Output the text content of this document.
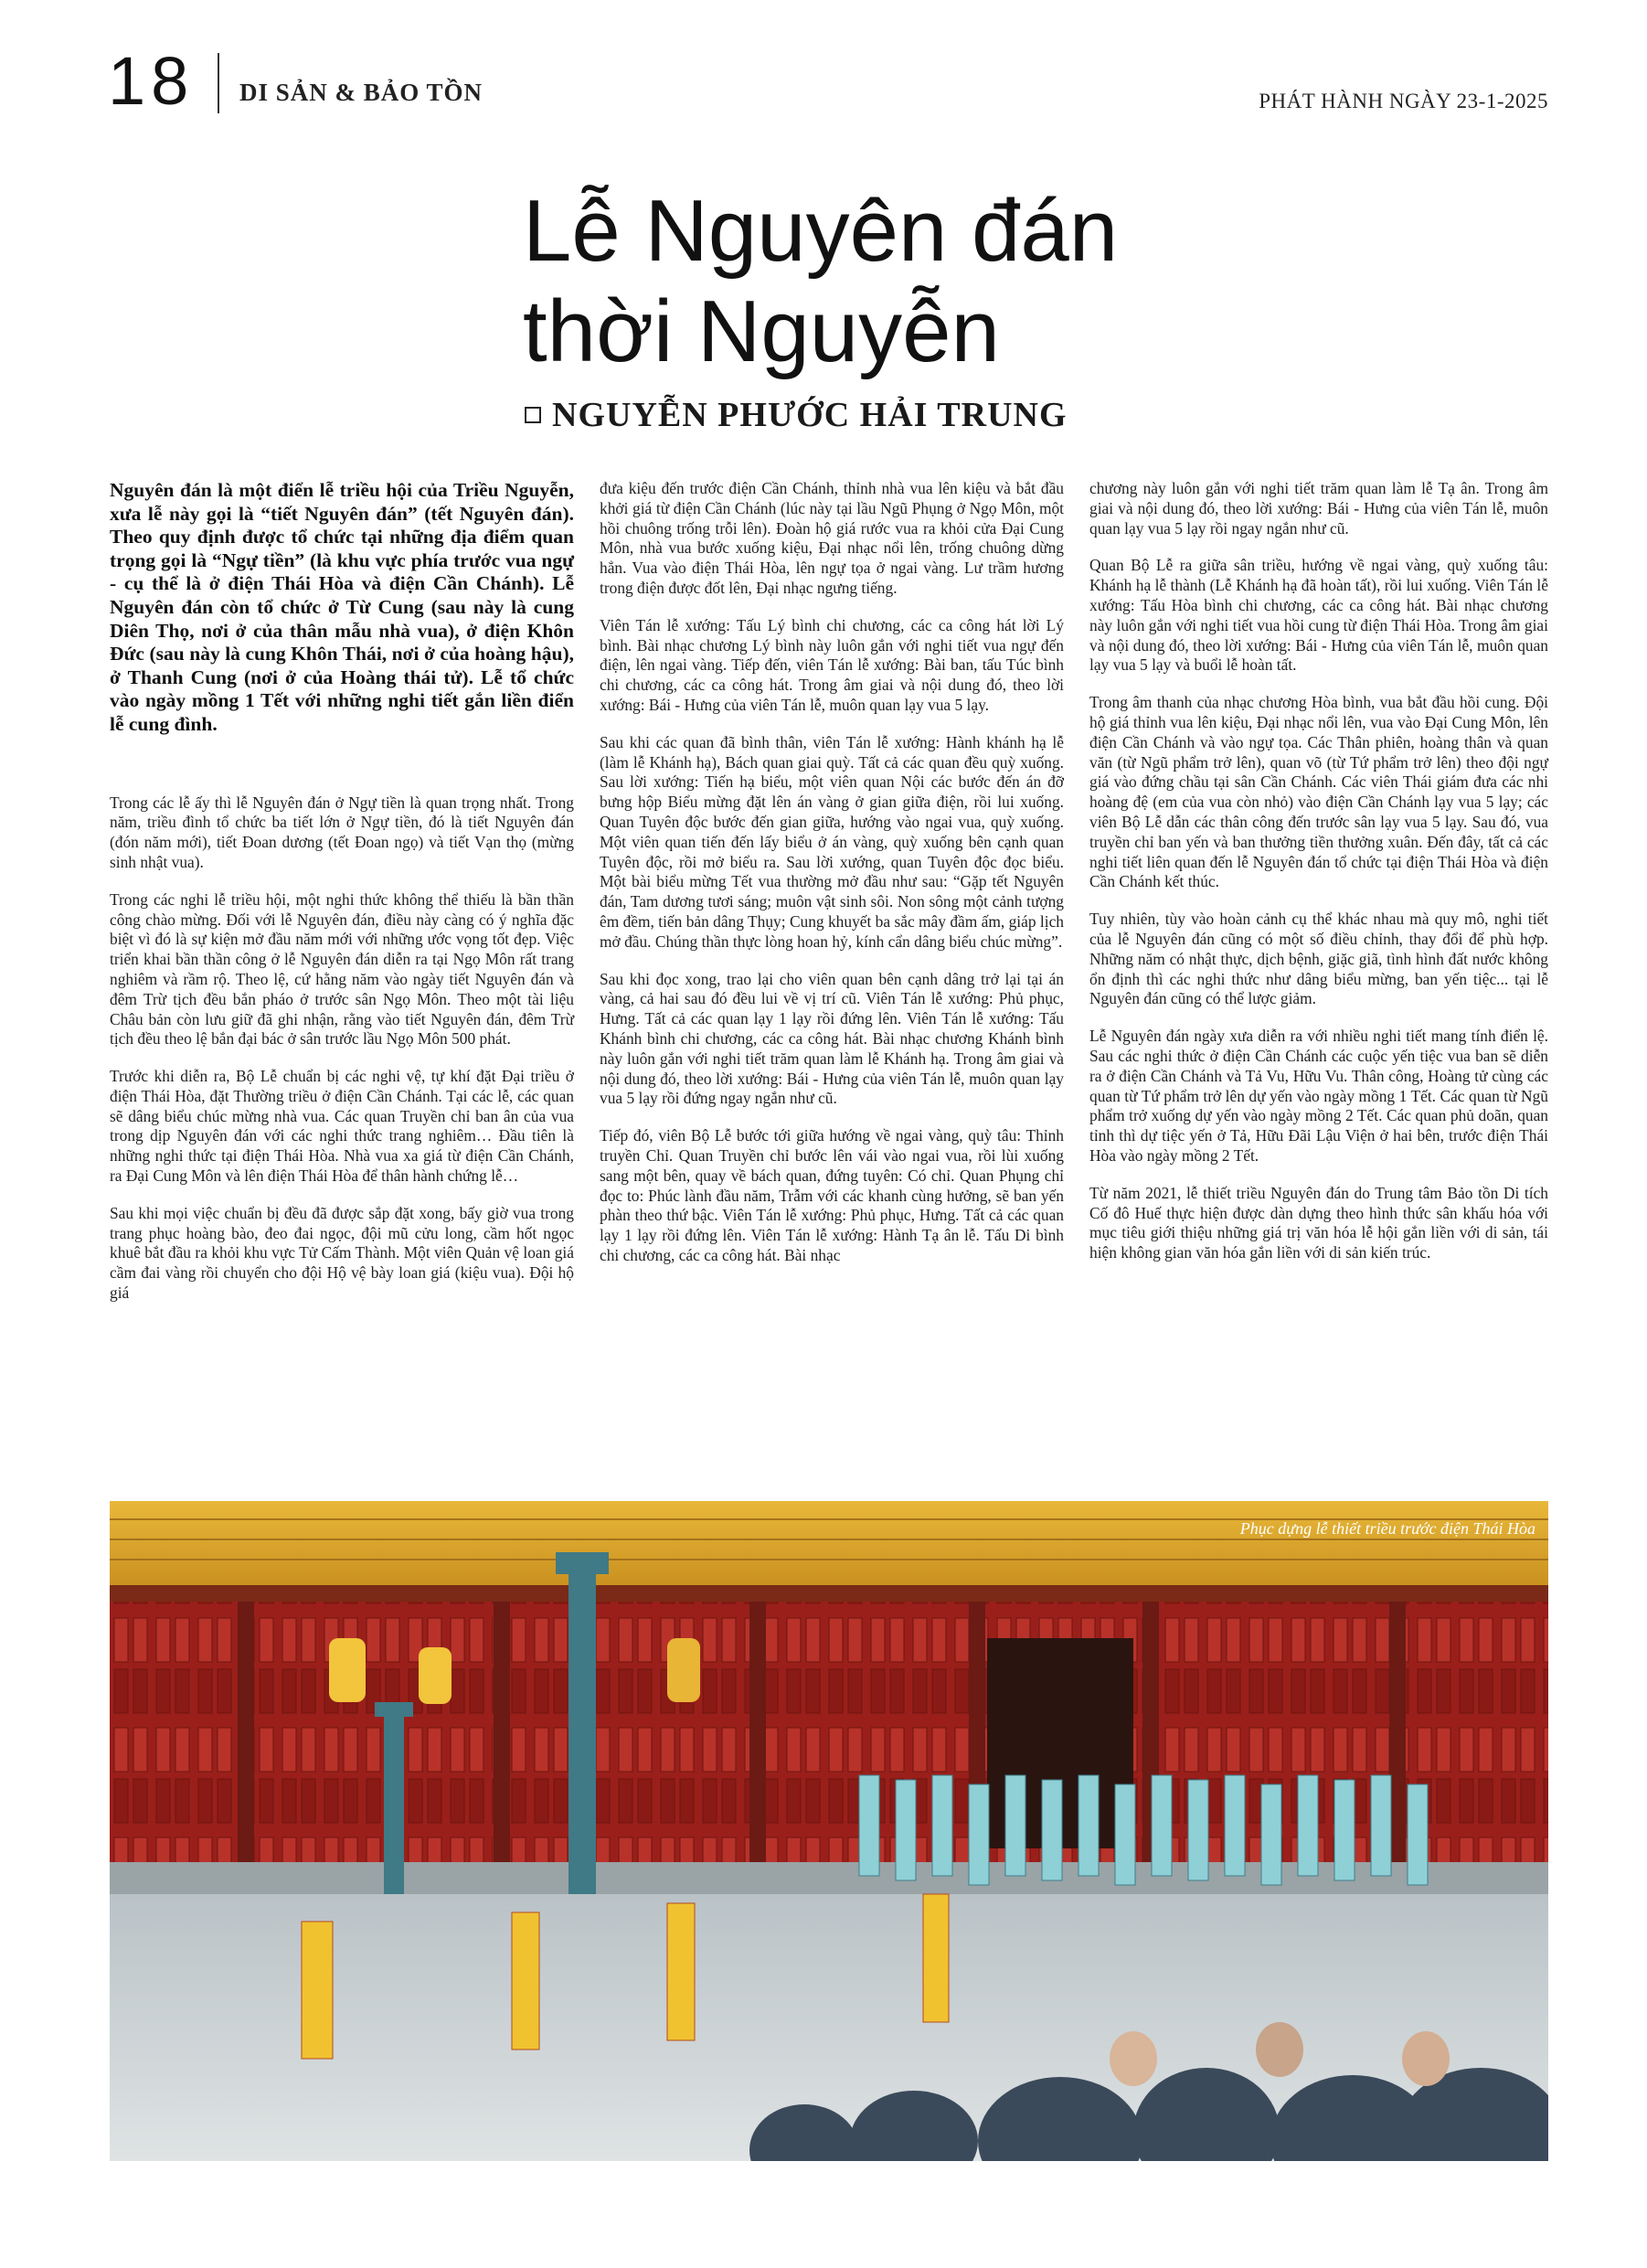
18 DI SẢN & BẢO TỒN	PHÁT HÀNH NGÀY 23-1-2025
Lễ Nguyên đán
thời Nguyễn
NGUYỄN PHƯỚC HẢI TRUNG

Nguyên đán là một điển lễ triều hội của Triều Nguyễn, xưa lễ này gọi là “tiết Nguyên đán” (tết Nguyên đán). Theo quy định được tổ chức tại những địa điểm quan trọng gọi là “Ngự tiền” (là khu vực phía trước vua ngự - cụ thể là ở điện Thái Hòa và điện Cần Chánh). Lễ Nguyên đán còn tổ chức ở Từ Cung (sau này là cung Diên Thọ, nơi ở của thân mẫu nhà vua), ở điện Khôn Đức (sau này là cung Khôn Thái, nơi ở của hoàng hậu), ở Thanh Cung (nơi ở của Hoàng thái tử). Lễ tổ chức vào ngày mồng 1 Tết với những nghi tiết gắn liền điển lễ cung đình.

Trong các lễ ấy thì lễ Nguyên đán ở Ngự tiền là quan trọng nhất. Trong năm, triều đình tổ chức ba tiết lớn ở Ngự tiền, đó là tiết Nguyên đán (đón năm mới), tiết Đoan dương (tết Đoan ngọ) và tiết Vạn thọ (mừng sinh nhật vua).

Trong các nghi lễ triều hội, một nghi thức không thể thiếu là bần thần công chào mừng. Đối với lễ Nguyên đán, điều này càng có ý nghĩa đặc biệt vì đó là sự kiện mở đầu năm mới với những ước vọng tốt đẹp. Việc triển khai bần thần công ở lễ Nguyên đán diễn ra tại Ngọ Môn rất trang nghiêm và rầm rộ. Theo lệ, cứ hằng năm vào ngày tiết Nguyên đán và đêm Trừ tịch đều bắn pháo ở trước sân Ngọ Môn. Theo một tài liệu Châu bản còn lưu giữ đã ghi nhận, rằng vào tiết Nguyên đán, đêm Trừ tịch đều theo lệ bắn đại bác ở sân trước lầu Ngọ Môn 500 phát.

Trước khi diễn ra, Bộ Lễ chuẩn bị các nghi vệ, tự khí đặt Đại triều ở điện Thái Hòa, đặt Thường triều ở điện Cần Chánh. Tại các lễ, các quan sẽ dâng biểu chúc mừng nhà vua. Các quan Truyền chỉ ban ân của vua trong dịp Nguyên đán với các nghi thức trang nghiêm… Đầu tiên là những nghi thức tại điện Thái Hòa. Nhà vua xa giá từ điện Cần Chánh, ra Đại Cung Môn và lên điện Thái Hòa để thân hành chứng lễ…

Sau khi mọi việc chuẩn bị đều đã được sắp đặt xong, bấy giờ vua trong trang phục hoàng bào, đeo đai ngọc, đội mũ cửu long, cầm hốt ngọc khuê bắt đầu ra khỏi khu vực Tử Cấm Thành. Một viên Quản vệ loan giá cầm đai vàng rồi chuyển cho đội Hộ vệ bày loan giá (kiệu vua). Đội hộ giá

đưa kiệu đến trước điện Cần Chánh, thỉnh nhà vua lên kiệu và bắt đầu khởi giá từ điện Cần Chánh (lúc này tại lầu Ngũ Phụng ở Ngọ Môn, một hồi chuông trống trỗi lên). Đoàn hộ giá rước vua ra khỏi cửa Đại Cung Môn, nhà vua bước xuống kiệu, Đại nhạc nổi lên, trống chuông dừng hẳn. Vua vào điện Thái Hòa, lên ngự tọa ở ngai vàng. Lư trầm hương trong điện được đốt lên, Đại nhạc ngưng tiếng.

Viên Tán lễ xướng: Tấu Lý bình chi chương, các ca công hát lời Lý bình. Bài nhạc chương Lý bình này luôn gắn với nghi tiết vua ngự đến điện, lên ngai vàng. Tiếp đến, viên Tán lễ xướng: Bài ban, tấu Túc bình chi chương, các ca công hát. Trong âm giai và nội dung đó, theo lời xướng: Bái - Hưng của viên Tán lễ, muôn quan lạy vua 5 lạy.

Sau khi các quan đã bình thân, viên Tán lễ xướng: Hành khánh hạ lễ (làm lễ Khánh hạ), Bách quan giai quỳ. Tất cả các quan đều quỳ xuống. Sau lời xướng: Tiến hạ biểu, một viên quan Nội các bước đến án đỡ bưng hộp Biểu mừng đặt lên án vàng ở gian giữa điện, rồi lui xuống. Quan Tuyên độc bước đến gian giữa, hướng vào ngai vua, quỳ xuống. Một viên quan tiến đến lấy biểu ở án vàng, quỳ xuống bên cạnh quan Tuyên độc, rồi mở biểu ra. Sau lời xướng, quan Tuyên độc đọc biểu. Một bài biểu mừng Tết vua thường mở đầu như sau: “Gặp tết Nguyên đán, Tam dương tươi sáng; muôn vật sinh sôi. Non sông một cảnh tượng êm đềm, tiến bản dâng Thụy; Cung khuyết ba sắc mây đầm ấm, giáp lịch mở đầu. Chúng thần thực lòng hoan hỷ, kính cẩn dâng biểu chúc mừng”.

Sau khi đọc xong, trao lại cho viên quan bên cạnh dâng trở lại tại án vàng, cả hai sau đó đều lui về vị trí cũ. Viên Tán lễ xướng: Phủ phục, Hưng. Tất cả các quan lạy 1 lạy rồi đứng lên. Viên Tán lễ xướng: Tấu Khánh bình chi chương, các ca công hát. Bài nhạc chương Khánh bình này luôn gắn với nghi tiết trăm quan làm lễ Khánh hạ. Trong âm giai và nội dung đó, theo lời xướng: Bái - Hưng của viên Tán lễ, muôn quan lạy vua 5 lạy rồi đứng ngay ngắn như cũ.

Tiếp đó, viên Bộ Lễ bước tới giữa hướng về ngai vàng, quỳ tâu: Thỉnh truyền Chỉ. Quan Truyền chỉ bước lên vái vào ngai vua, rồi lùi xuống sang một bên, quay về bách quan, đứng tuyên: Có chỉ. Quan Phụng chỉ đọc to: Phúc lành đầu năm, Trẫm với các khanh cùng hưởng, sẽ ban yến phàn theo thứ bậc. Viên Tán lễ xướng: Phủ phục, Hưng. Tất cả các quan lạy 1 lạy rồi đứng lên. Viên Tán lễ xướng: Hành Tạ ân lễ. Tấu Di bình chi chương, các ca công hát. Bài nhạc

chương này luôn gắn với nghi tiết trăm quan làm lễ Tạ ân. Trong âm giai và nội dung đó, theo lời xướng: Bái - Hưng của viên Tán lễ, muôn quan lạy vua 5 lạy rồi ngay ngắn như cũ.

Quan Bộ Lễ ra giữa sân triều, hướng về ngai vàng, quỳ xuống tâu: Khánh hạ lễ thành (Lễ Khánh hạ đã hoàn tất), rồi lui xuống. Viên Tán lễ xướng: Tấu Hòa bình chi chương, các ca công hát. Bài nhạc chương này luôn gắn với nghi tiết vua hồi cung từ điện Thái Hòa. Trong âm giai và nội dung đó, theo lời xướng: Bái - Hưng của viên Tán lễ, muôn quan lạy vua 5 lạy và buổi lễ hoàn tất.

Trong âm thanh của nhạc chương Hòa bình, vua bắt đầu hồi cung. Đội hộ giá thỉnh vua lên kiệu, Đại nhạc nổi lên, vua vào Đại Cung Môn, lên điện Cần Chánh và vào ngự tọa. Các Thân phiên, hoàng thân và quan văn (từ Ngũ phẩm trở lên), quan võ (từ Tứ phẩm trở lên) theo đội ngự giá vào đứng chầu tại sân Cần Chánh. Các viên Thái giám đưa các nhi hoàng đệ (em của vua còn nhỏ) vào điện Cần Chánh lạy vua 5 lạy; các viên Bộ Lễ dẫn các thân công đến trước sân lạy vua 5 lạy. Sau đó, vua truyền chỉ ban yến và ban thưởng tiền thưởng xuân. Đến đây, tất cả các nghi tiết liên quan đến lễ Nguyên đán tổ chức tại điện Thái Hòa và điện Cần Chánh kết thúc.

Tuy nhiên, tùy vào hoàn cảnh cụ thể khác nhau mà quy mô, nghi tiết của lễ Nguyên đán cũng có một số điều chỉnh, thay đổi để phù hợp. Những năm có nhật thực, dịch bệnh, giặc giã, tình hình đất nước không ổn định thì các nghi thức như dâng biểu mừng, ban yến tiệc... tại lễ Nguyên đán cũng có thể lược giảm.

Lễ Nguyên đán ngày xưa diễn ra với nhiều nghi tiết mang tính điển lệ. Sau các nghi thức ở điện Cần Chánh các cuộc yến tiệc vua ban sẽ diễn ra ở điện Cần Chánh và Tả Vu, Hữu Vu. Thân công, Hoàng tử cùng các quan từ Tứ phẩm trở lên dự yến vào ngày mồng 1 Tết. Các quan từ Ngũ phẩm trở xuống dự yến vào ngày mồng 2 Tết. Các quan phủ doãn, quan tỉnh thì dự tiệc yến ở Tả, Hữu Đãi Lậu Viện ở hai bên, trước điện Thái Hòa vào ngày mồng 2 Tết.

Từ năm 2021, lễ thiết triều Nguyên đán do Trung tâm Bảo tồn Di tích Cố đô Huế thực hiện được dàn dựng theo hình thức sân khấu hóa với mục tiêu giới thiệu những giá trị văn hóa lễ hội gắn liền với di sản, tái hiện không gian văn hóa gắn liền với di sản kiến trúc.

Phục dựng lễ thiết triều trước điện Thái Hòa
